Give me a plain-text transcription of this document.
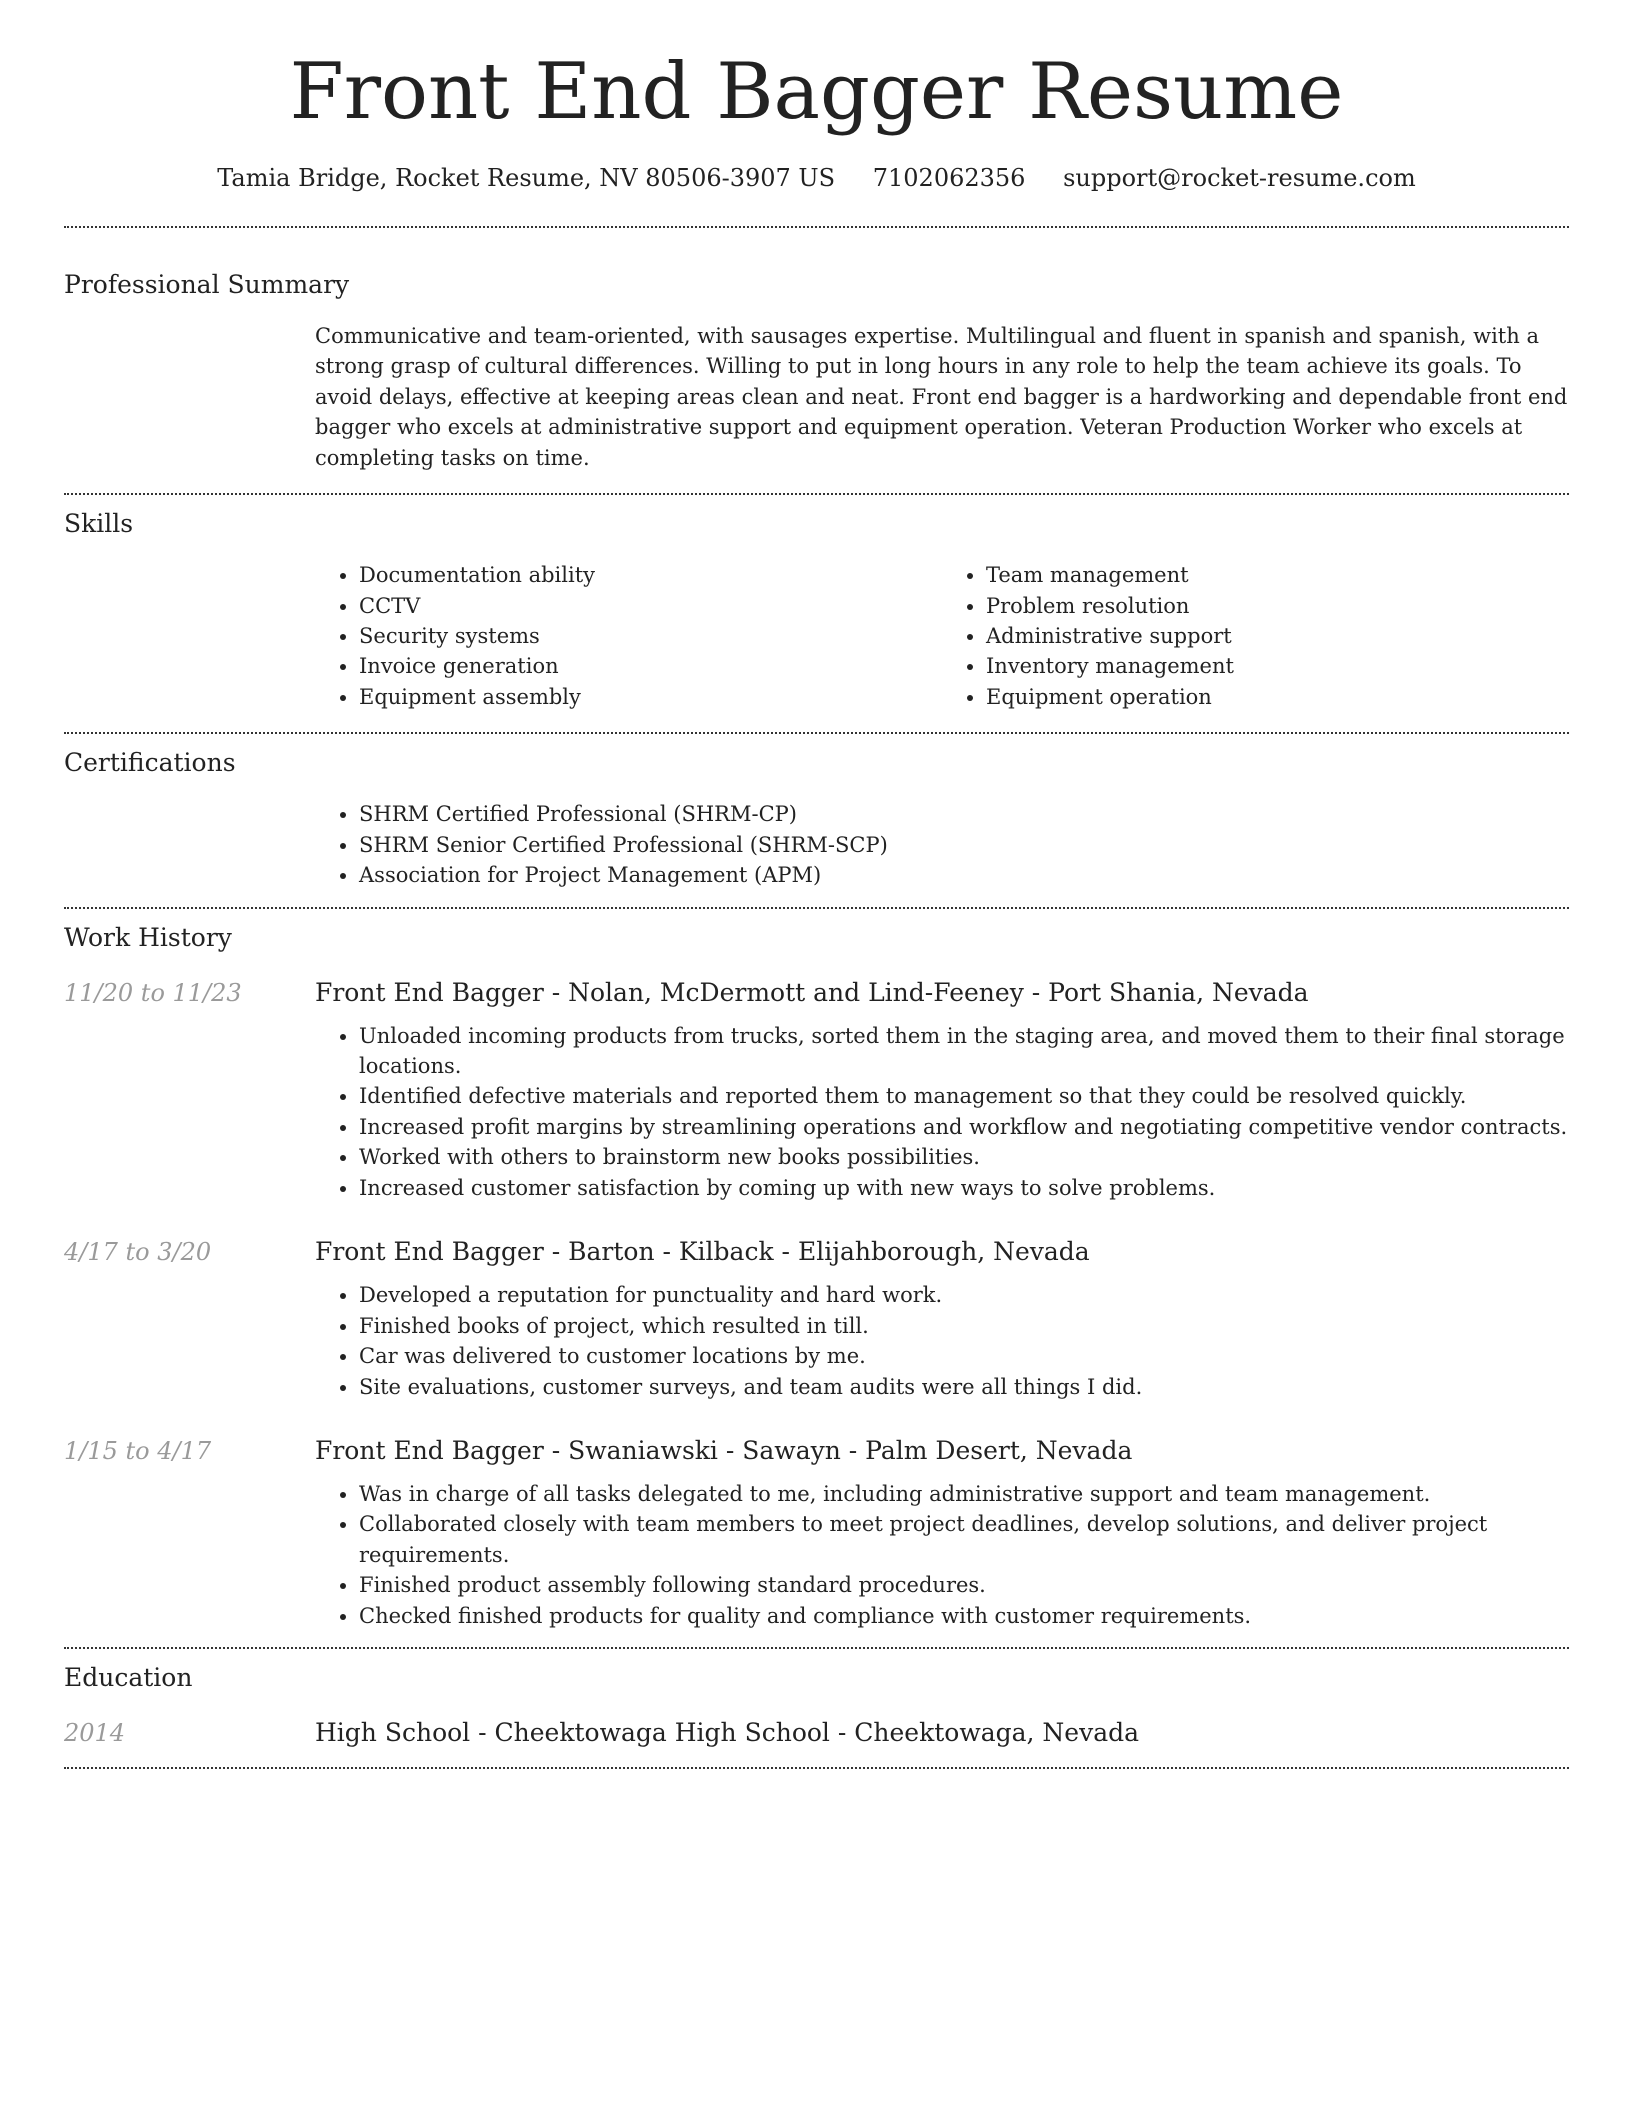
Front End Bagger Resume
Tamia Bridge, Rocket Resume, NV 80506-3907 US 7102062356 support@rocket-resume.com
Professional Summary

Communicative and team-oriented, with sausages expertise. Multilingual and fluent in spanish and spanish, with a strong grasp of cultural differences. Willing to put in long hours in any role to help the team achieve its goals. To avoid delays, effective at keeping areas clean and neat. Front end bagger is a hardworking and dependable front end bagger who excels at administrative support and equipment operation. Veteran Production Worker who excels at completing tasks on time.

Skills
• Documentation ability
• CCTV
• Security systems
• Invoice generation
• Equipment assembly
• Team management
• Problem resolution
• Administrative support
• Inventory management
• Equipment operation
Certifications
• SHRM Certified Professional (SHRM-CP)
• SHRM Senior Certified Professional (SHRM-SCP)
• Association for Project Management (APM)
Work History
11/20 to 11/23	Front End Bagger - Nolan, McDermott and Lind-Feeney - Port Shania, Nevada
• Unloaded incoming products from trucks, sorted them in the staging area, and moved them to their final storage locations.
• Identified defective materials and reported them to management so that they could be resolved quickly.
• Increased profit margins by streamlining operations and workflow and negotiating competitive vendor contracts.
• Worked with others to brainstorm new books possibilities.
• Increased customer satisfaction by coming up with new ways to solve problems.
4/17 to 3/20	Front End Bagger - Barton - Kilback - Elijahborough, Nevada
• Developed a reputation for punctuality and hard work.
• Finished books of project, which resulted in till.
• Car was delivered to customer locations by me.
• Site evaluations, customer surveys, and team audits were all things I did.
1/15 to 4/17	Front End Bagger - Swaniawski - Sawayn - Palm Desert, Nevada
• Was in charge of all tasks delegated to me, including administrative support and team management.
• Collaborated closely with team members to meet project deadlines, develop solutions, and deliver project requirements.
• Finished product assembly following standard procedures.
• Checked finished products for quality and compliance with customer requirements.
Education
2014	High School - Cheektowaga High School - Cheektowaga, Nevada
